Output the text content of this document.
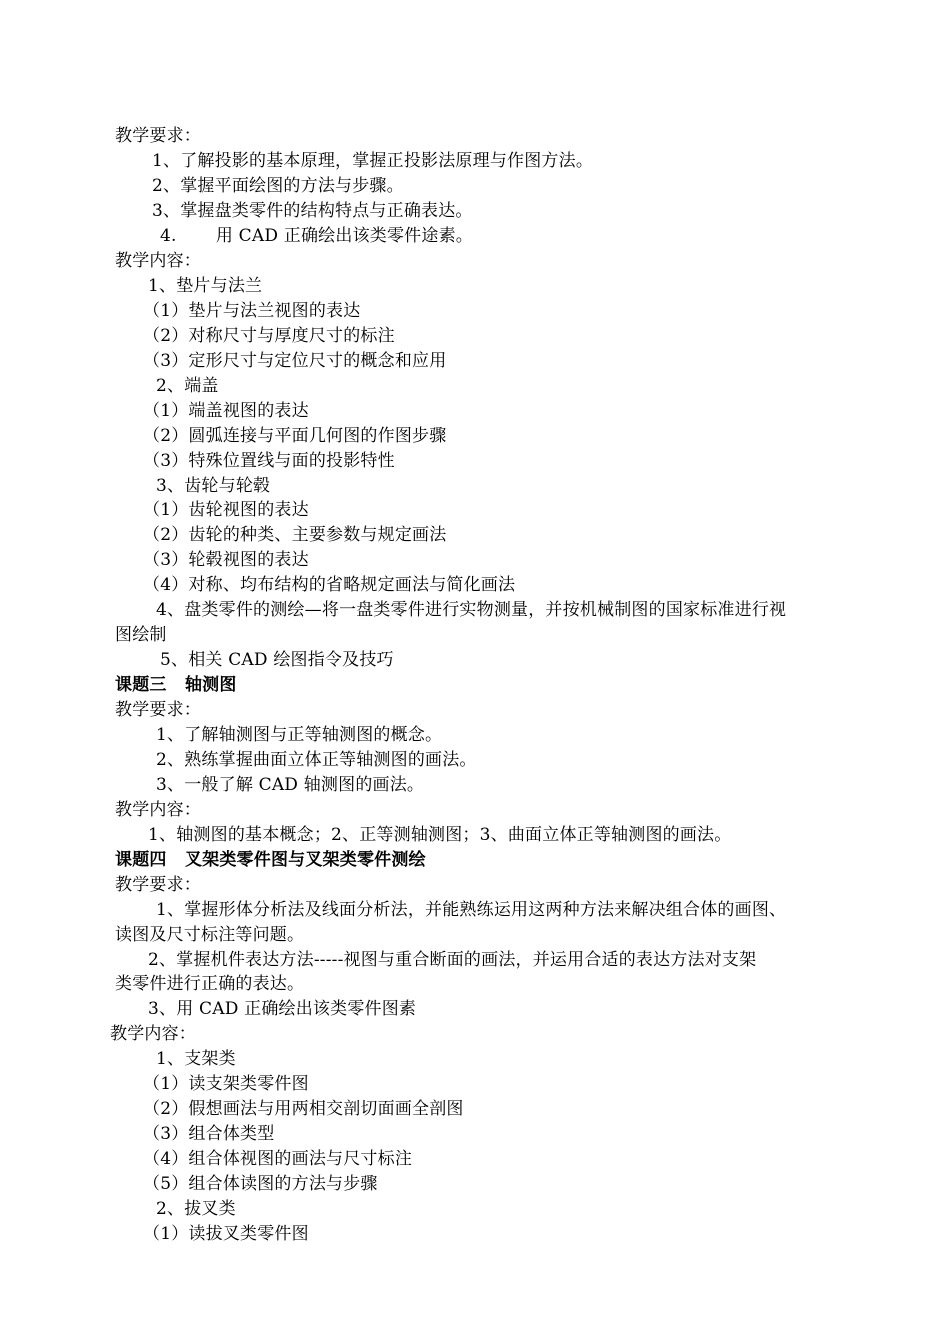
教学要求：
1、了解投影的基本原理，掌握正投影法原理与作图方法。
2、掌握平面绘图的方法与步骤。
3、掌握盘类零件的结构特点与正确表达。
4.       用 CAD 正确绘出该类零件途素。
教学内容：
1、垫片与法兰
（1）垫片与法兰视图的表达
（2）对称尺寸与厚度尺寸的标注
（3）定形尺寸与定位尺寸的概念和应用
2、端盖
（1）端盖视图的表达
（2）圆弧连接与平面几何图的作图步骤
（3）特殊位置线与面的投影特性
3、齿轮与轮毂
（1）齿轮视图的表达
（2）齿轮的种类、主要参数与规定画法
（3）轮毂视图的表达
（4）对称、均布结构的省略规定画法与简化画法
4、盘类零件的测绘—将一盘类零件进行实物测量，并按机械制图的国家标准进行视
图绘制
5、相关 CAD 绘图指令及技巧
课题三   轴测图
教学要求：
1、了解轴测图与正等轴测图的概念。
2、熟练掌握曲面立体正等轴测图的画法。
3、一般了解 CAD 轴测图的画法。
教学内容：
1、轴测图的基本概念；2、正等测轴测图；3、曲面立体正等轴测图的画法。
课题四   叉架类零件图与叉架类零件测绘
教学要求：
1、掌握形体分析法及线面分析法，并能熟练运用这两种方法来解决组合体的画图、
读图及尺寸标注等问题。
2、掌握机件表达方法-----视图与重合断面的画法，并运用合适的表达方法对支架
类零件进行正确的表达。
3、用 CAD 正确绘出该类零件图素
教学内容：
1、支架类
（1）读支架类零件图
（2）假想画法与用两相交剖切面画全剖图
（3）组合体类型
（4）组合体视图的画法与尺寸标注
（5）组合体读图的方法与步骤
2、拔叉类
（1）读拔叉类零件图
